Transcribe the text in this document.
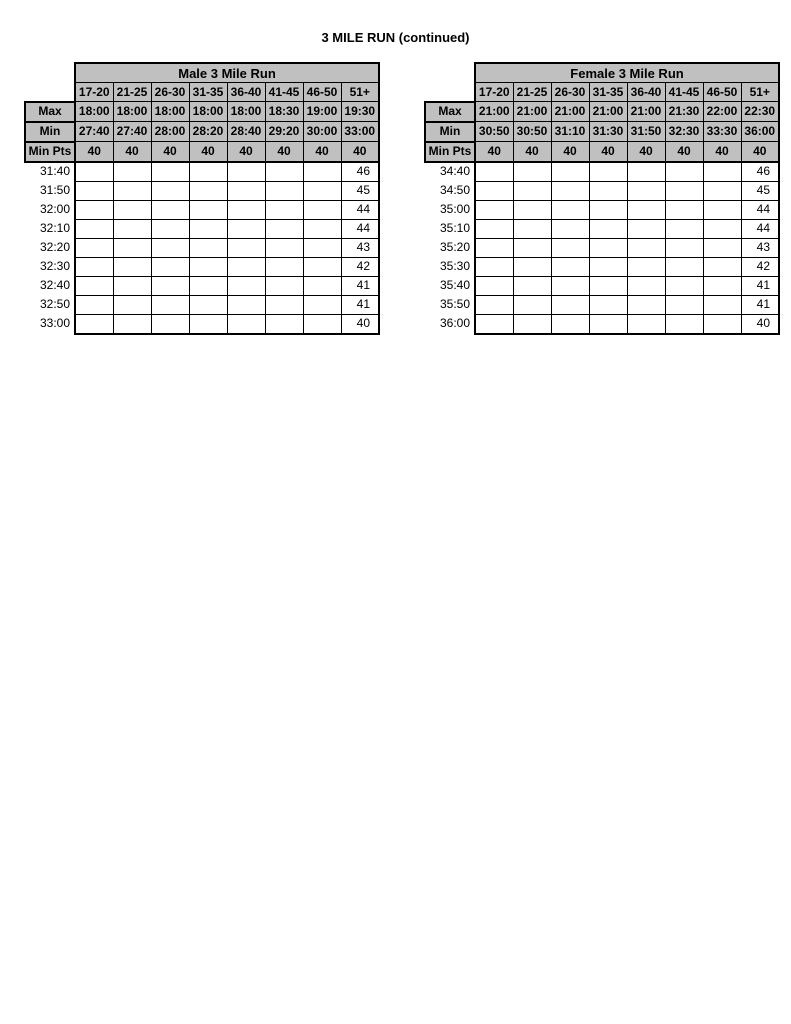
3 MILE RUN (continued)
	Male 3 Mile Run							
	17-20	21-25	26-30	31-35	36-40	41-45	46-50	51+
Max	18:00	18:00	18:00	18:00	18:00	18:30	19:00	19:30
Min	27:40	27:40	28:00	28:20	28:40	29:20	30:00	33:00
Min Pts	40	40	40	40	40	40	40	40
31:40								46
31:50								45
32:00								44
32:10								44
32:20								43
32:30								42
32:40								41
32:50								41
33:00								40
	Female 3 Mile Run							
	17-20	21-25	26-30	31-35	36-40	41-45	46-50	51+
Max	21:00	21:00	21:00	21:00	21:00	21:30	22:00	22:30
Min	30:50	30:50	31:10	31:30	31:50	32:30	33:30	36:00
Min Pts	40	40	40	40	40	40	40	40
34:40								46
34:50								45
35:00								44
35:10								44
35:20								43
35:30								42
35:40								41
35:50								41
36:00								40
